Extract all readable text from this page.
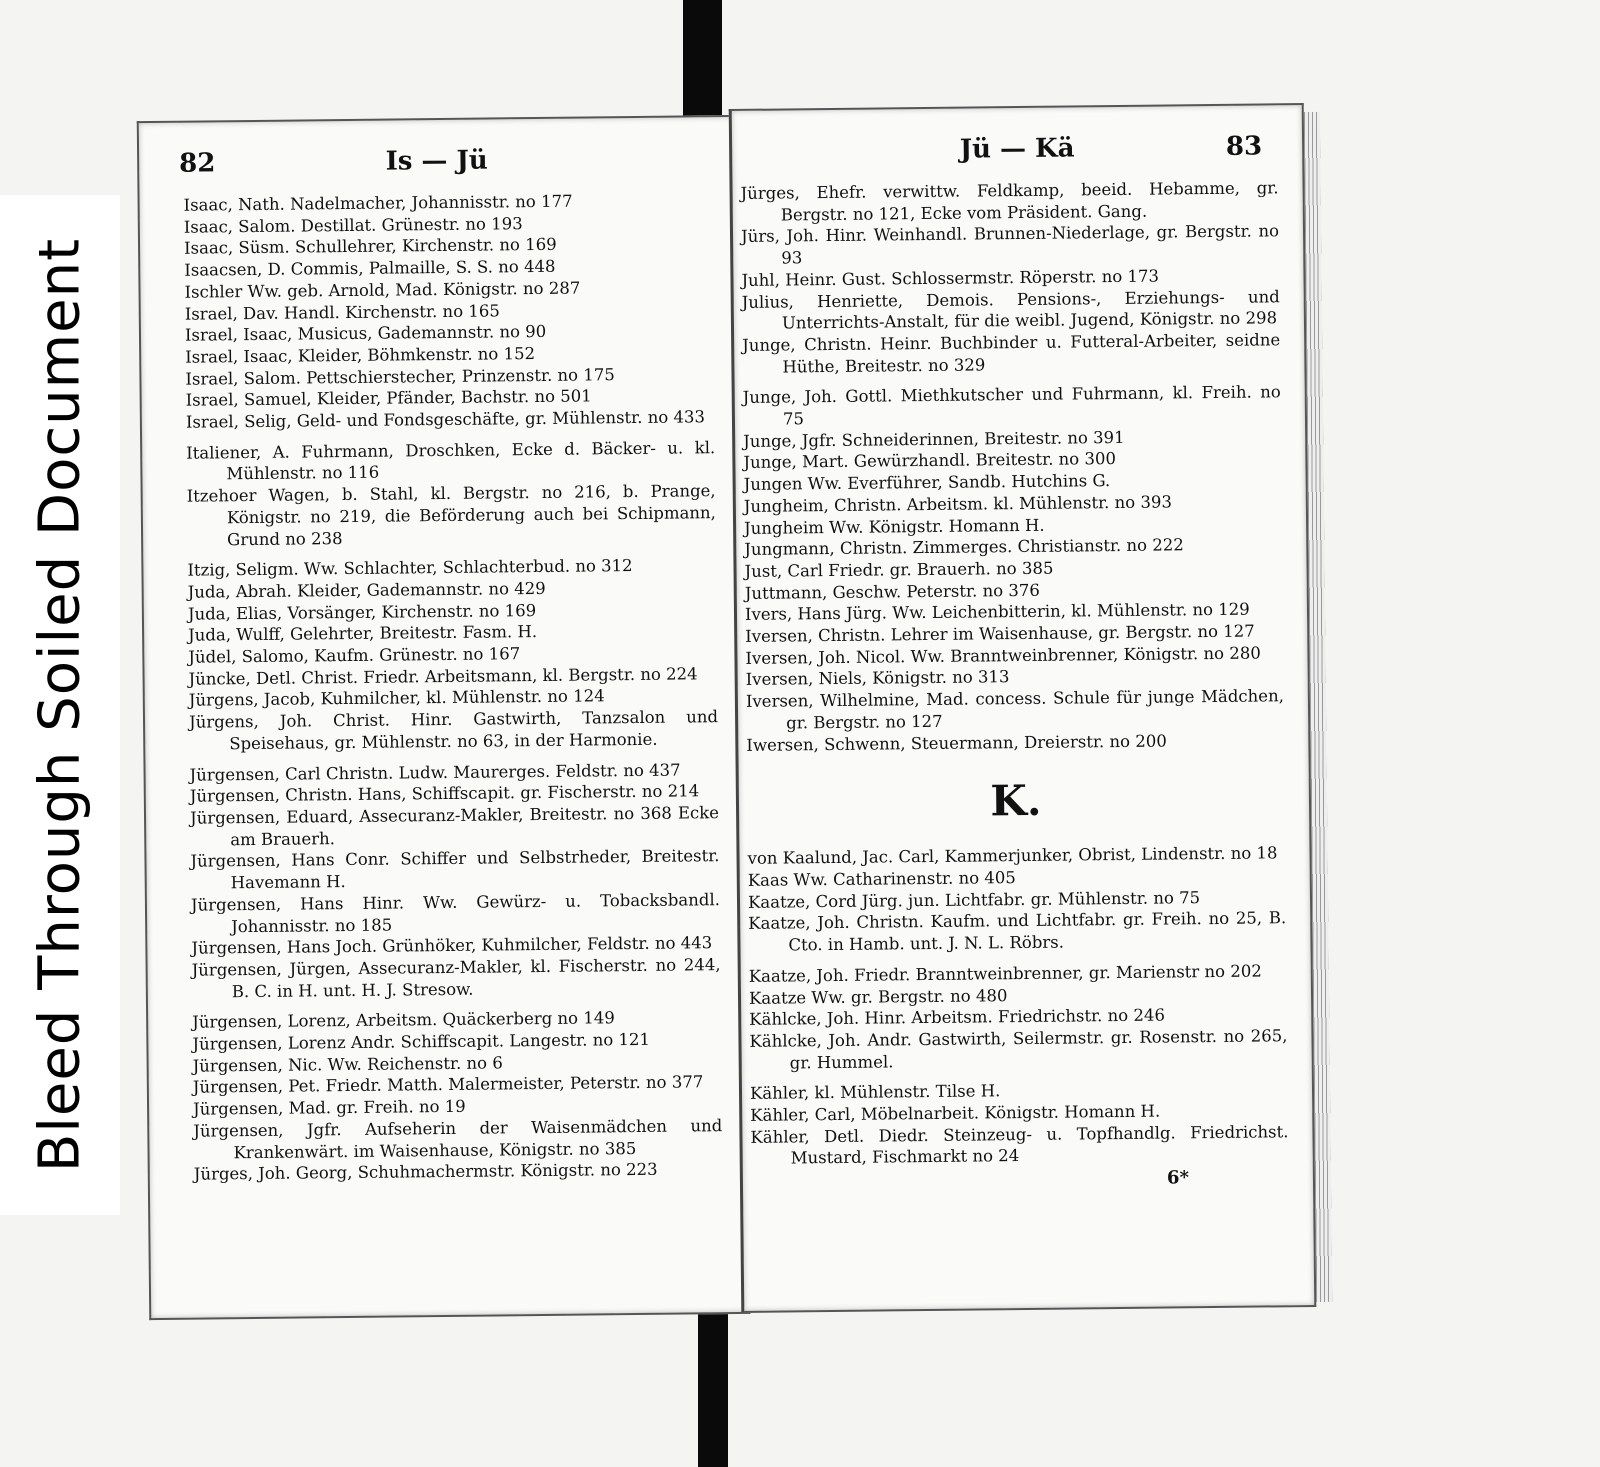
Bleed Through Soiled Document
82	Is — Jü

Isaac, Nath. Nadelmacher, Johannisstr. no 177

Isaac, Salom. Destillat. Grünestr. no 193

Isaac, Süsm. Schullehrer, Kirchenstr. no 169

Isaacsen, D. Commis, Palmaille, S. S. no 448

Ischler Ww. geb. Arnold, Mad. Königstr. no 287

Israel, Dav. Handl. Kirchenstr. no 165

Israel, Isaac, Musicus, Gademannstr. no 90

Israel, Isaac, Kleider, Böhmkenstr. no 152

Israel, Salom. Pettschierstecher, Prinzenstr. no 175

Israel, Samuel, Kleider, Pfänder, Bachstr. no 501

Israel, Selig, Geld- und Fondsgeschäfte, gr. Mühlenstr. no 433

Italiener, A. Fuhrmann, Droschken, Ecke d. Bäcker- u. kl. Mühlenstr. no 116

Itzehoer Wagen, b. Stahl, kl. Bergstr. no 216, b. Prange, Königstr. no 219, die Beförderung auch bei Schipmann, Grund no 238

Itzig, Seligm. Ww. Schlachter, Schlachterbud. no 312

Juda, Abrah. Kleider, Gademannstr. no 429

Juda, Elias, Vorsänger, Kirchenstr. no 169

Juda, Wulff, Gelehrter, Breitestr. Fasm. H.

Jüdel, Salomo, Kaufm. Grünestr. no 167

Jüncke, Detl. Christ. Friedr. Arbeitsmann, kl. Bergstr. no 224

Jürgens, Jacob, Kuhmilcher, kl. Mühlenstr. no 124

Jürgens, Joh. Christ. Hinr. Gastwirth, Tanzsalon und Speisehaus, gr. Mühlenstr. no 63, in der Harmonie.

Jürgensen, Carl Christn. Ludw. Maurerges. Feldstr. no 437

Jürgensen, Christn. Hans, Schiffscapit. gr. Fischerstr. no 214

Jürgensen, Eduard, Assecuranz-Makler, Breitestr. no 368 Ecke am Brauerh.

Jürgensen, Hans Conr. Schiffer und Selbstrheder, Breitestr. Havemann H.

Jürgensen, Hans Hinr. Ww. Gewürz- u. Tobacksbandl. Johannisstr. no 185

Jürgensen, Hans Joch. Grünhöker, Kuhmilcher, Feldstr. no 443

Jürgensen, Jürgen, Assecuranz-Makler, kl. Fischerstr. no 244, B. C. in H. unt. H. J. Stresow.

Jürgensen, Lorenz, Arbeitsm. Quäckerberg no 149

Jürgensen, Lorenz Andr. Schiffscapit. Langestr. no 121

Jürgensen, Nic. Ww. Reichenstr. no 6

Jürgensen, Pet. Friedr. Matth. Malermeister, Peterstr. no 377

Jürgensen, Mad. gr. Freih. no 19

Jürgensen, Jgfr. Aufseherin der Waisenmädchen und Krankenwärt. im Waisenhause, Königstr. no 385

Jürges, Joh. Georg, Schuhmachermstr. Königstr. no 223

Jü — Kä	83

Jürges, Ehefr. verwittw. Feldkamp, beeid. Hebamme, gr. Bergstr. no 121, Ecke vom Präsident. Gang.

Jürs, Joh. Hinr. Weinhandl. Brunnen-Niederlage, gr. Bergstr. no 93

Juhl, Heinr. Gust. Schlossermstr. Röperstr. no 173

Julius, Henriette, Demois. Pensions-, Erziehungs- und Unterrichts-Anstalt, für die weibl. Jugend, Königstr. no 298

Junge, Christn. Heinr. Buchbinder u. Futteral-Arbeiter, seidne Hüthe, Breitestr. no 329

Junge, Joh. Gottl. Miethkutscher und Fuhrmann, kl. Freih. no 75

Junge, Jgfr. Schneiderinnen, Breitestr. no 391

Junge, Mart. Gewürzhandl. Breitestr. no 300

Jungen Ww. Everführer, Sandb. Hutchins G.

Jungheim, Christn. Arbeitsm. kl. Mühlenstr. no 393

Jungheim Ww. Königstr. Homann H.

Jungmann, Christn. Zimmerges. Christianstr. no 222

Just, Carl Friedr. gr. Brauerh. no 385

Juttmann, Geschw. Peterstr. no 376

Ivers, Hans Jürg. Ww. Leichenbitterin, kl. Mühlenstr. no 129

Iversen, Christn. Lehrer im Waisenhause, gr. Bergstr. no 127

Iversen, Joh. Nicol. Ww. Branntweinbrenner, Königstr. no 280

Iversen, Niels, Königstr. no 313

Iversen, Wilhelmine, Mad. concess. Schule für junge Mädchen, gr. Bergstr. no 127

Iwersen, Schwenn, Steuermann, Dreierstr. no 200

K.

von Kaalund, Jac. Carl, Kammerjunker, Obrist, Lindenstr. no 18

Kaas Ww. Catharinenstr. no 405

Kaatze, Cord Jürg. jun. Lichtfabr. gr. Mühlenstr. no 75

Kaatze, Joh. Christn. Kaufm. und Lichtfabr. gr. Freih. no 25, B. Cto. in Hamb. unt. J. N. L. Röbrs.

Kaatze, Joh. Friedr. Branntweinbrenner, gr. Marienstr no 202

Kaatze Ww. gr. Bergstr. no 480

Kählcke, Joh. Hinr. Arbeitsm. Friedrichstr. no 246

Kählcke, Joh. Andr. Gastwirth, Seilermstr. gr. Rosenstr. no 265, gr. Hummel.

Kähler, kl. Mühlenstr. Tilse H.

Kähler, Carl, Möbelnarbeit. Königstr. Homann H.

Kähler, Detl. Diedr. Steinzeug- u. Topfhandlg. Friedrichst. Mustard, Fischmarkt no 24

6*
